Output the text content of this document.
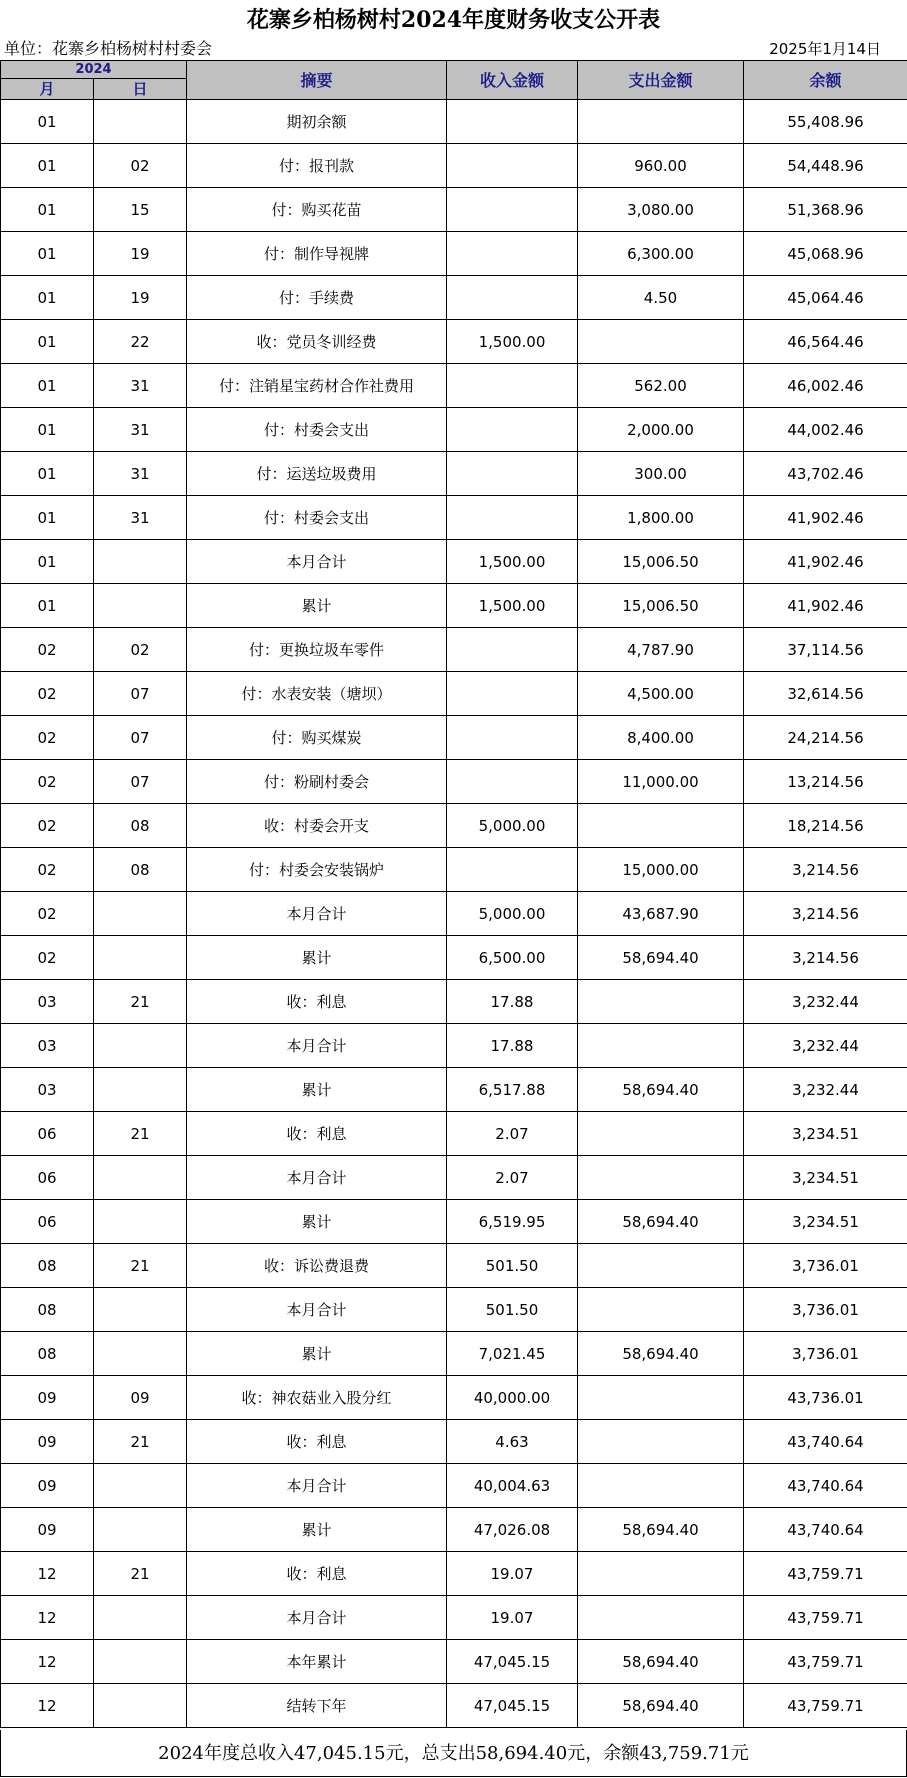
花寨乡柏杨树村2024年度财务收支公开表
单位：花寨乡柏杨树村村委会	2025年1月14日
2024		摘要	收入金额	支出金额	余额
月	日				
01		期初余额			55,408.96
01	02	付：报刊款		960.00	54,448.96
01	15	付：购买花苗		3,080.00	51,368.96
01	19	付：制作导视牌		6,300.00	45,068.96
01	19	付：手续费		4.50	45,064.46
01	22	收：党员冬训经费	1,500.00		46,564.46
01	31	付：注销星宝药材合作社费用		562.00	46,002.46
01	31	付：村委会支出		2,000.00	44,002.46
01	31	付：运送垃圾费用		300.00	43,702.46
01	31	付：村委会支出		1,800.00	41,902.46
01		本月合计	1,500.00	15,006.50	41,902.46
01		累计	1,500.00	15,006.50	41,902.46
02	02	付：更换垃圾车零件		4,787.90	37,114.56
02	07	付：水表安装（塘坝）		4,500.00	32,614.56
02	07	付：购买煤炭		8,400.00	24,214.56
02	07	付：粉刷村委会		11,000.00	13,214.56
02	08	收：村委会开支	5,000.00		18,214.56
02	08	付：村委会安装锅炉		15,000.00	3,214.56
02		本月合计	5,000.00	43,687.90	3,214.56
02		累计	6,500.00	58,694.40	3,214.56
03	21	收：利息	17.88		3,232.44
03		本月合计	17.88		3,232.44
03		累计	6,517.88	58,694.40	3,232.44
06	21	收：利息	2.07		3,234.51
06		本月合计	2.07		3,234.51
06		累计	6,519.95	58,694.40	3,234.51
08	21	收：诉讼费退费	501.50		3,736.01
08		本月合计	501.50		3,736.01
08		累计	7,021.45	58,694.40	3,736.01
09	09	收：神农菇业入股分红	40,000.00		43,736.01
09	21	收：利息	4.63		43,740.64
09		本月合计	40,004.63		43,740.64
09		累计	47,026.08	58,694.40	43,740.64
12	21	收：利息	19.07		43,759.71
12		本月合计	19.07		43,759.71
12		本年累计	47,045.15	58,694.40	43,759.71
12		结转下年	47,045.15	58,694.40	43,759.71
2024年度总收入47,045.15元，总支出58,694.40元，余额43,759.71元
